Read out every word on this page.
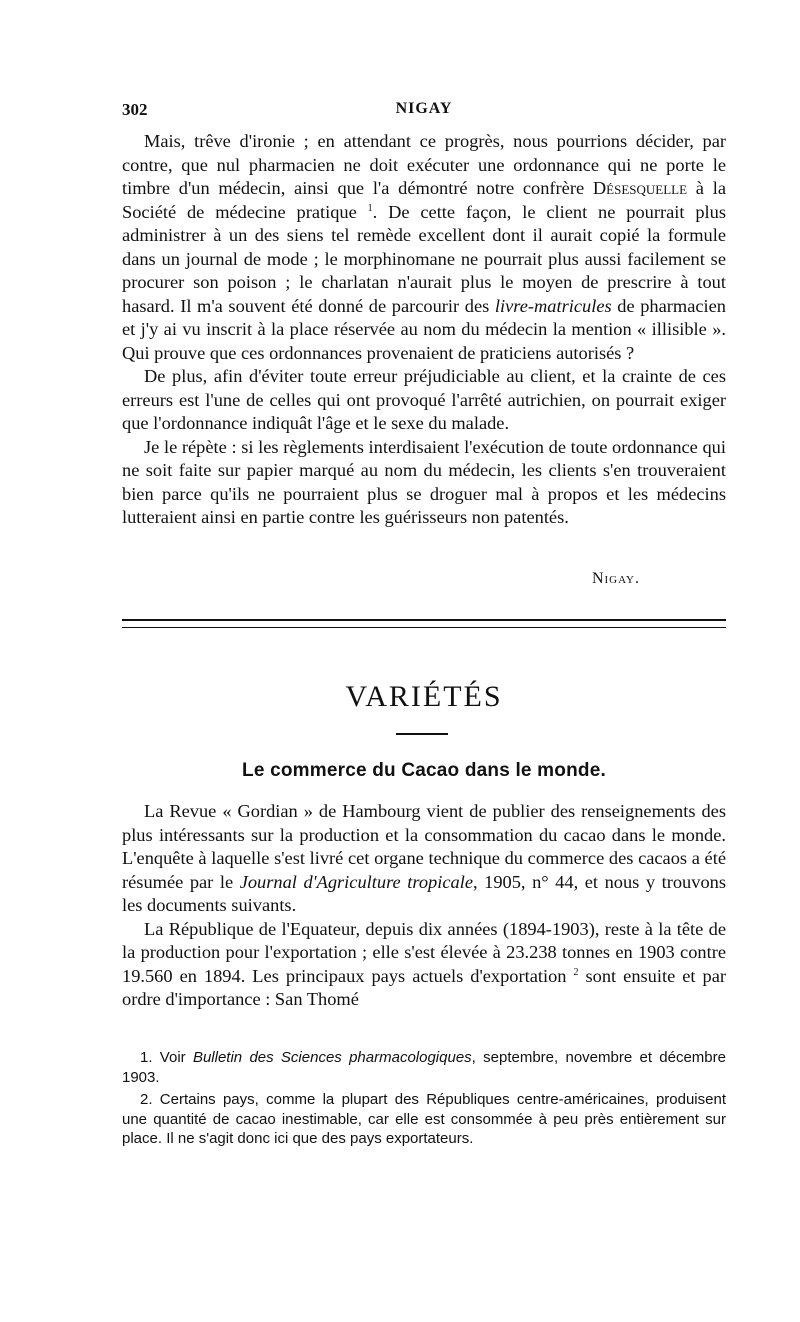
302	NIGAY

Mais, trêve d'ironie ; en attendant ce progrès, nous pourrions décider, par contre, que nul pharmacien ne doit exécuter une ordonnance qui ne porte le timbre d'un médecin, ainsi que l'a démontré notre confrère Désesquelle à la Société de médecine pratique $^1$. De cette façon, le client ne pourrait plus administrer à un des siens tel remède excellent dont il aurait copié la formule dans un journal de mode ; le morphinomane ne pourrait plus aussi facilement se procurer son poison ; le charlatan n'aurait plus le moyen de prescrire à tout hasard. Il m'a souvent été donné de parcourir des livre-matricules de pharmacien et j'y ai vu inscrit à la place réservée au nom du médecin la mention « illisible ». Qui prouve que ces ordonnances provenaient de praticiens autorisés ?

De plus, afin d'éviter toute erreur préjudiciable au client, et la crainte de ces erreurs est l'une de celles qui ont provoqué l'arrêté autrichien, on pourrait exiger que l'ordonnance indiquât l'âge et le sexe du malade.

Je le répète : si les règlements interdisaient l'exécution de toute ordonnance qui ne soit faite sur papier marqué au nom du médecin, les clients s'en trouveraient bien parce qu'ils ne pourraient plus se droguer mal à propos et les médecins lutteraient ainsi en partie contre les guérisseurs non patentés.

Nigay.
VARIÉTÉS
Le commerce du Cacao dans le monde.

La Revue « Gordian » de Hambourg vient de publier des renseignements des plus intéressants sur la production et la consommation du cacao dans le monde. L'enquête à laquelle s'est livré cet organe technique du commerce des cacaos a été résumée par le Journal d'Agriculture tropicale, 1905, n° 44, et nous y trouvons les documents suivants.

La République de l'Equateur, depuis dix années (1894-1903), reste à la tête de la production pour l'exportation ; elle s'est élevée à 23.238 tonnes en 1903 contre 19.560 en 1894. Les principaux pays actuels d'exportation $^2$ sont ensuite et par ordre d'importance : San Thomé

1. Voir Bulletin des Sciences pharmacologiques, septembre, novembre et décembre 1903.

2. Certains pays, comme la plupart des Républiques centre-américaines, produisent une quantité de cacao inestimable, car elle est consommée à peu près entièrement sur place. Il ne s'agit donc ici que des pays exportateurs.
